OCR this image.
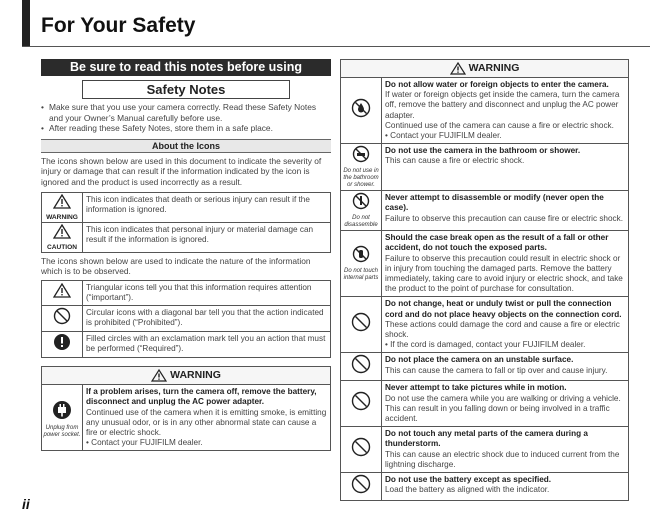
For Your Safety
Be sure to read this notes before using
Safety Notes
• Make sure that you use your camera correctly. Read these Safety Notes and your Owner’s Manual carefully before use.
• After reading these Safety Notes, store them in a safe place.
About the Icons
The icons shown below are used in this document to indicate the severity of injury or damage that can result if the information indicated by the icon is ignored and the product is used incorrectly as a result.
WARNING	This icon indicates that death or serious injury can result if the information is ignored.

CAUTION	This icon indicates that personal injury or material damage can result if the information is ignored.
The icons shown below are used to indicate the nature of the information which is to be observed.
	Triangular icons tell you that this information requires attention (“important”).
	Circular icons with a diagonal bar tell you that the action indicated is prohibited (“Prohibited”).
	Filled circles with an exclamation mark tell you an action that must be performed (“Required”).
WARNING
Unplug from power socket.
	If a problem arises, turn the camera off, remove the battery, disconnect and unplug the AC power adapter.
Continued use of the camera when it is emitting smoke, is emitting any unusual odor, or is in any other abnormal state can cause a fire or electric shock.
• Contact your FUJIFILM dealer.
WARNING
	Do not allow water or foreign objects to enter the camera.
If water or foreign objects get inside the camera, turn the camera off, remove the battery and disconnect and unplug the AC power adapter.
Continued use of the camera can cause a fire or electric shock.
• Contact your FUJIFILM dealer.

Do not use in the bathroom or shower.	Do not use the camera in the bathroom or shower.
This can cause a fire or electric shock.

Do not disassemble	Never attempt to disassemble or modify (never open the case).
Failure to observe this precaution can cause fire or electric shock.

Do not touch internal parts	Should the case break open as the result of a fall or other accident, do not touch the exposed parts.
Failure to observe this precaution could result in electric shock or in injury from touching the damaged parts. Remove the battery immediately, taking care to avoid injury or electric shock, and take the product to the point of purchase for consultation.
	Do not change, heat or unduly twist or pull the connection cord and do not place heavy objects on the connection cord.
These actions could damage the cord and cause a fire or electric shock.
• If the cord is damaged, contact your FUJIFILM dealer.
	Do not place the camera on an unstable surface.
This can cause the camera to fall or tip over and cause injury.
	Never attempt to take pictures while in motion.
Do not use the camera while you are walking or driving a vehicle. This can result in you falling down or being involved in a traffic accident.
	Do not touch any metal parts of the camera during a thunderstorm.
This can cause an electric shock due to induced current from the lightning discharge.
	Do not use the battery except as specified.
Load the battery as aligned with the indicator.
ii
